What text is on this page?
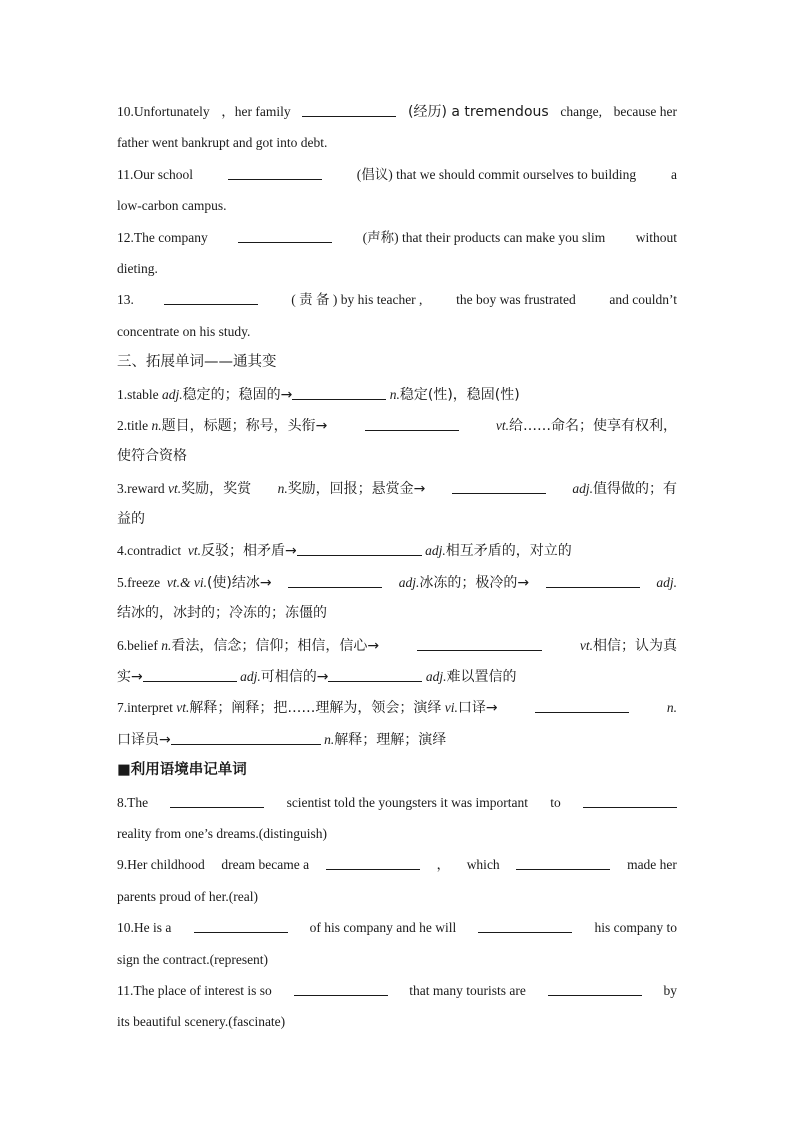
10.Unfortunately ，her family	(经历) a tremendous change, because her
father went bankrupt and got into debt.
11.Our school	(倡议) that we should commit ourselves to building	a
low-carbon campus.
12.The company	(声称) that their products can make you slim without
dieting.
13.	( 责 备 ) by his teacher , the boy was frustrated and couldn’t
concentrate on his study.
三、拓展单词——通其变
1.stable adj.稳定的；稳固的→	n.稳定(性)，稳固(性)
2.title n.题目，标题；称号，头衔→	vt.给……命名；使享有权利，
使符合资格
3.reward vt.奖励，奖赏 n.奖励，回报；悬赏金→	adj.值得做的；有
益的
4.contradict vt.反驳；相矛盾→	adj.相互矛盾的，对立的
5.freeze vt.& vi.(使)结冰→	adj.冰冻的；极冷的→	adj.
结冰的，冰封的；冷冻的；冻僵的
6.belief n.看法，信念；信仰；相信，信心→	vt.相信；认为真
实→	adj.可相信的→	adj.难以置信的
7.interpret vt.解释；阐释；把……理解为，领会；演绎 vi.口译→	n.
口译员→	n.解释；理解；演绎
■利用语境串记单词
8.The	scientist told the youngsters it was important to
reality from one’s dreams.(distinguish)
9.Her childhood dream became a	， which	made her
parents proud of her.(real)
10.He is a	of his company and he will	his company to
sign the contract.(represent)
11.The place of interest is so	that many tourists are	by
its beautiful scenery.(fascinate)
